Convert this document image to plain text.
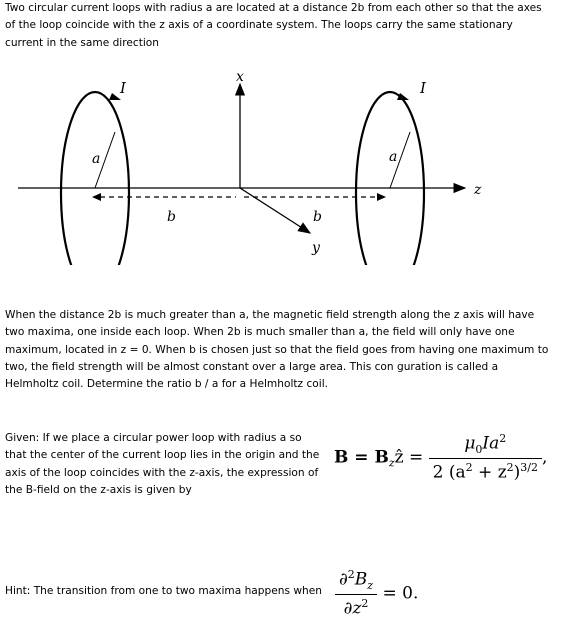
Two circular current loops with radius a are located at a distance 2b from each other so that the axes of the loop coincide with the z axis of a coordinate system. The loops carry the same stationary current in the same direction

x
y
z
I	I
a	a
b	b

When the distance 2b is much greater than a, the magnetic field strength along the z axis will have two maxima, one inside each loop. When 2b is much smaller than a, the field will only have one maximum, located in z = 0. When b is chosen just so that the field goes from having one maximum to two, the field strength will be almost constant over a large area. This con guration is called a Helmholtz coil. Determine the ratio b / a for a Helmholtz coil.

Given: If we place a circular power loop with radius a so that the center of the current loop lies in the origin and the axis of the loop coincides with the z-axis, the expression of the B-field on the z-axis is given by

$B = B_zẑ = \frac{\mu_0Ia^2}{2 (a^2 + z^2)^{3/2}}$ ,

Hint: The transition from one to two maxima happens when $\frac{\partial^2B_z}{\partial z^2} = 0$.
